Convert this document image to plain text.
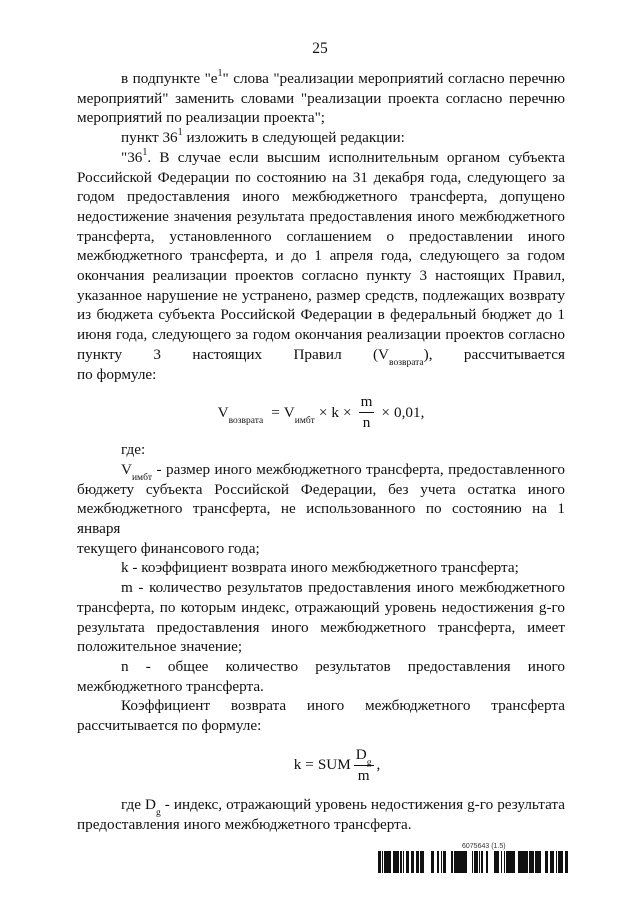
25

в подпункте "$е^1$" слова "реализации мероприятий согласно перечню

мероприятий" заменить словами "реализации проекта согласно перечню

мероприятий по реализации проекта";

пункт $36^1$ изложить в следующей редакции:

"$36^1$. В случае если высшим исполнительным органом субъекта

Российской Федерации по состоянию на 31 декабря года, следующего за годом предоставления иного межбюджетного трансферта, допущено недостижение значения результата предоставления иного межбюджетного трансферта, установленного соглашением о предоставлении иного межбюджетного трансферта, и до 1 апреля года, следующего за годом окончания реализации проектов согласно пункту 3 настоящих Правил, указанное нарушение не устранено, размер средств, подлежащих возврату из бюджета субъекта Российской Федерации в федеральный бюджет до 1 июня года, следующего за годом окончания реализации проектов согласно пункту 3 настоящих Правил $(V_{возврата})$, рассчитывается

по формуле:

$V_{возврата}$
= $V_{имбт}$
× $k \times \frac{m}{n} \times 0,01$,

где:

$V_{имбт}$ - размер иного межбюджетного трансферта, предоставленного

бюджету субъекта Российской Федерации, без учета остатка иного межбюджетного трансферта, не использованного по состоянию на 1 января

текущего финансового года;

k - коэффициент возврата иного межбюджетного трансферта;

m - количество результатов предоставления иного межбюджетного

трансферта, по которым индекс, отражающий уровень недостижения g-го результата предоставления иного межбюджетного трансферта, имеет

положительное значение;

n - общее количество результатов предоставления иного

межбюджетного трансферта.

Коэффициент возврата иного межбюджетного трансферта

рассчитывается по формуле:

k = SUM $\frac{D_g}{m}$ ,

где $D_g$ - индекс, отражающий уровень недостижения g-го результата

предоставления иного межбюджетного трансферта.

6075643 (1.5)
